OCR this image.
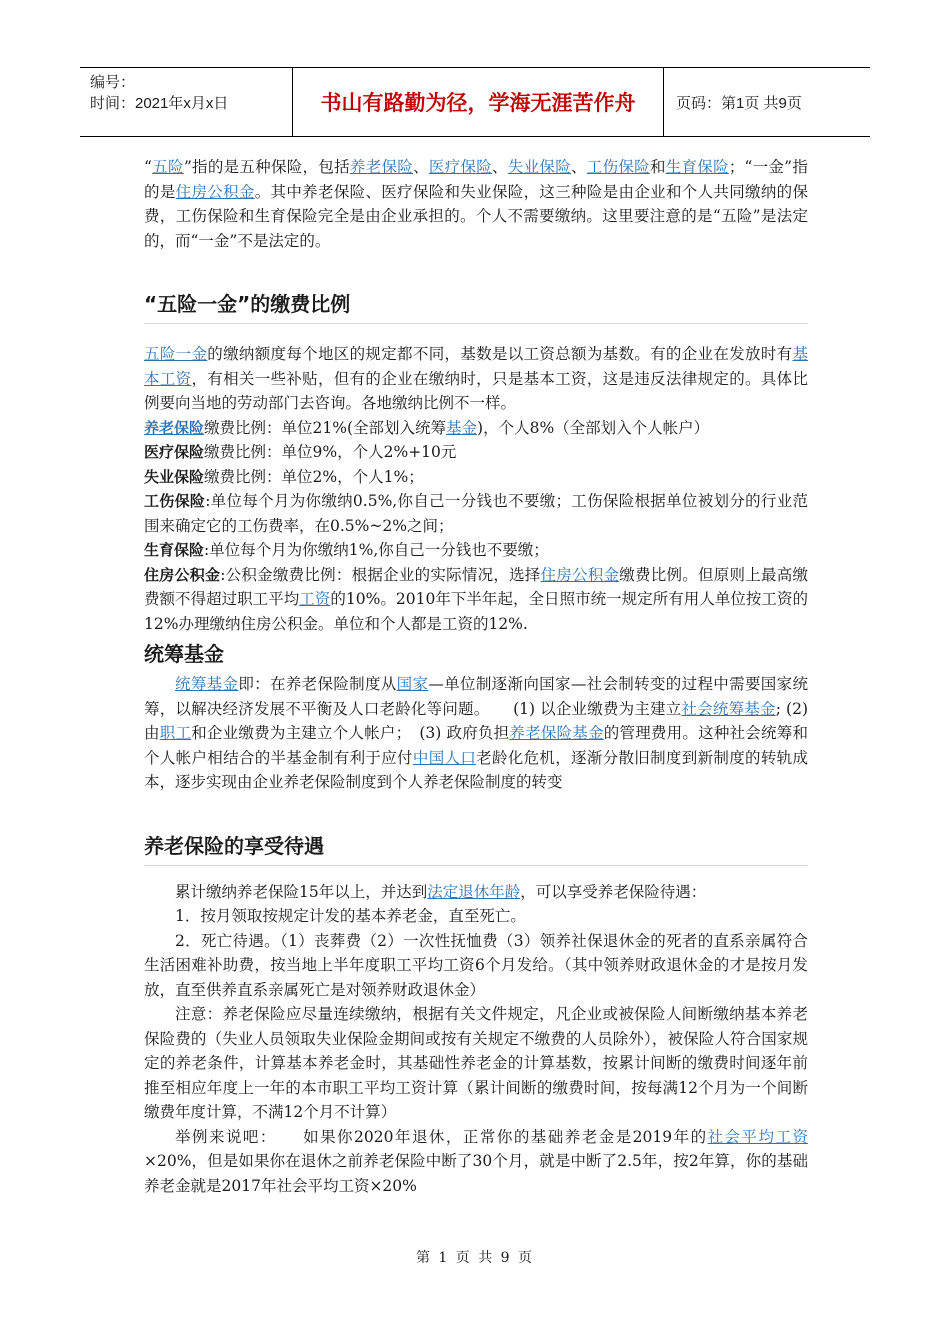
编号：
时间：2021年x月x日	书山有路勤为径，学海无涯苦作舟	页码：第1页 共9页

“五险”指的是五种保险，包括养老保险、医疗保险、失业保险、工伤保险和生育保险；“一金”指的是住房公积金。其中养老保险、医疗保险和失业保险，这三种险是由企业和个人共同缴纳的保费，工伤保险和生育保险完全是由企业承担的。个人不需要缴纳。这里要注意的是“五险”是法定的，而“一金”不是法定的。

“五险一金”的缴费比例

五险一金的缴纳额度每个地区的规定都不同，基数是以工资总额为基数。有的企业在发放时有基本工资，有相关一些补贴，但有的企业在缴纳时，只是基本工资，这是违反法律规定的。具体比例要向当地的劳动部门去咨询。各地缴纳比例不一样。

养老保险缴费比例：单位21%(全部划入统筹基金)，个人8%（全部划入个人帐户）

医疗保险缴费比例：单位9%，个人2%+10元

失业保险缴费比例：单位2%，个人1%；

工伤保险:单位每个月为你缴纳0.5%,你自己一分钱也不要缴；工伤保险根据单位被划分的行业范围来确定它的工伤费率，在0.5%~2%之间；

生育保险:单位每个月为你缴纳1%,你自己一分钱也不要缴；

住房公积金:公积金缴费比例：根据企业的实际情况，选择住房公积金缴费比例。但原则上最高缴费额不得超过职工平均工资的10%。2010年下半年起，全日照市统一规定所有用人单位按工资的12%办理缴纳住房公积金。单位和个人都是工资的12%.

统筹基金

统筹基金即：在养老保险制度从国家—单位制逐渐向国家—社会制转变的过程中需要国家统筹，以解决经济发展不平衡及人口老龄化等问题。　　(1) 以企业缴费为主建立社会统筹基金; (2) 由职工和企业缴费为主建立个人帐户；　(3) 政府负担养老保险基金的管理费用。这种社会统筹和个人帐户相结合的半基金制有利于应付中国人口老龄化危机，逐渐分散旧制度到新制度的转轨成本，逐步实现由企业养老保险制度到个人养老保险制度的转变

养老保险的享受待遇

累计缴纳养老保险15年以上，并达到法定退休年龄，可以享受养老保险待遇：

1．按月领取按规定计发的基本养老金，直至死亡。

2．死亡待遇。（1）丧葬费（2）一次性抚恤费（3）领养社保退休金的死者的直系亲属符合生活困难补助费，按当地上半年度职工平均工资6个月发给。（其中领养财政退休金的才是按月发放，直至供养直系亲属死亡是对领养财政退休金）

注意：养老保险应尽量连续缴纳，根据有关文件规定，凡企业或被保险人间断缴纳基本养老保险费的（失业人员领取失业保险金期间或按有关规定不缴费的人员除外），被保险人符合国家规定的养老条件，计算基本养老金时，其基础性养老金的计算基数，按累计间断的缴费时间逐年前推至相应年度上一年的本市职工平均工资计算（累计间断的缴费时间，按每满12个月为一个间断缴费年度计算，不满12个月不计算）

举例来说吧：　　如果你2020年退休，正常你的基础养老金是2019年的社会平均工资×20%，但是如果你在退休之前养老保险中断了30个月，就是中断了2.5年，按2年算，你的基础养老金就是2017年社会平均工资×20%

第 1 页 共 9 页
